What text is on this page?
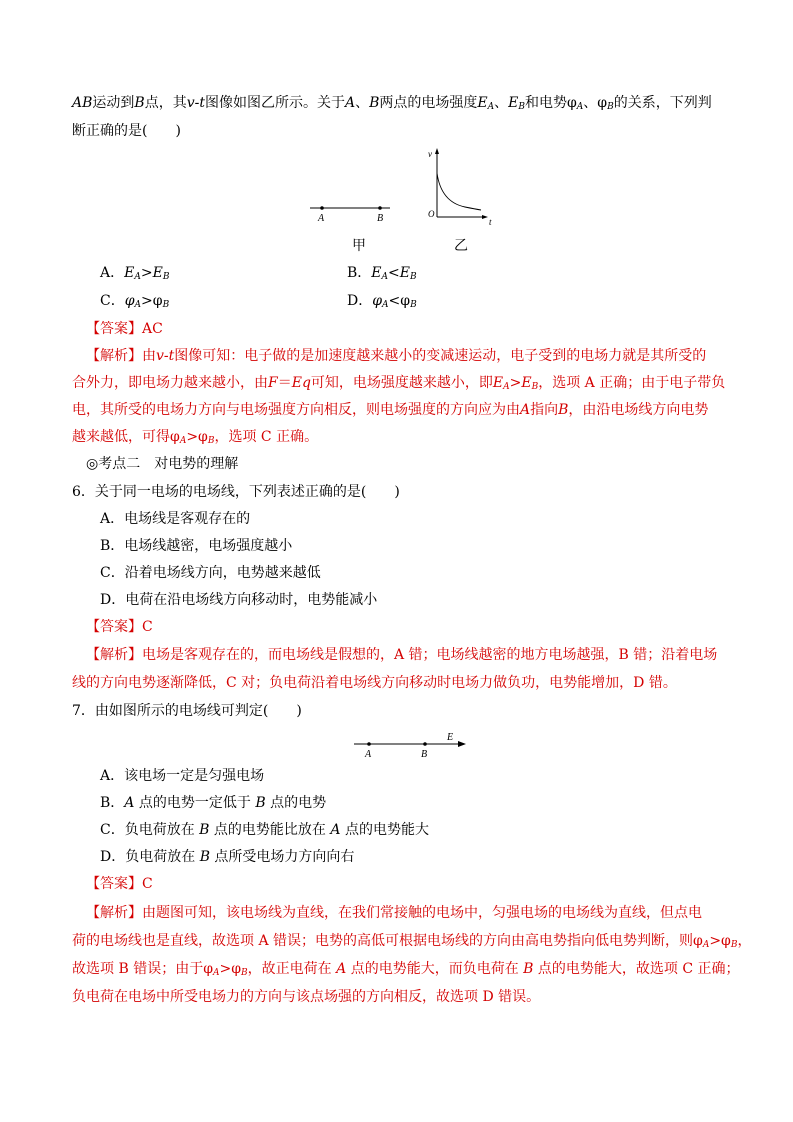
AB运动到B点，其v-t图像如图乙所示。关于A、B两点的电场强度$E_A$、$E_B$和电势$\varphi_A$、$\varphi_B$的关系，下列判
断正确的是(　　)
A	B
v
O
t
甲	乙
A．$E_A>E_B$	B．$E_A<E_B$
C．$\varphi_A>\varphi_B$	D．$\varphi_A<\varphi_B$
【答案】AC
【解析】由v-t图像可知：电子做的是加速度越来越小的变减速运动，电子受到的电场力就是其所受的
合外力，即电场力越来越小，由F＝Eq可知，电场强度越来越小，即$E_A>E_B$，选项 A 正确；由于电子带负
电，其所受的电场力方向与电场强度方向相反，则电场强度的方向应为由A指向B，由沿电场线方向电势
越来越低，可得$\varphi_A>\varphi_B$，选项 C 正确。
◎考点二　对电势的理解
6．关于同一电场的电场线，下列表述正确的是(　　)
A．电场线是客观存在的
B．电场线越密，电场强度越小
C．沿着电场线方向，电势越来越低
D．电荷在沿电场线方向移动时，电势能减小
【答案】C
【解析】电场是客观存在的，而电场线是假想的，A 错；电场线越密的地方电场越强，B 错；沿着电场
线的方向电势逐渐降低，C 对；负电荷沿着电场线方向移动时电场力做负功，电势能增加，D 错。
7．由如图所示的电场线可判定(　　)
A	B
E
A．该电场一定是匀强电场
B．A 点的电势一定低于 B 点的电势
C．负电荷放在 B 点的电势能比放在 A 点的电势能大
D．负电荷放在 B 点所受电场力方向向右
【答案】C
【解析】由题图可知，该电场线为直线，在我们常接触的电场中，匀强电场的电场线为直线，但点电
荷的电场线也是直线，故选项 A 错误；电势的高低可根据电场线的方向由高电势指向低电势判断，则$\varphi_A>\varphi_B$，
故选项 B 错误；由于$\varphi_A>\varphi_B$，故正电荷在 A 点的电势能大，而负电荷在 B 点的电势能大，故选项 C 正确；
负电荷在电场中所受电场力的方向与该点场强的方向相反，故选项 D 错误。
